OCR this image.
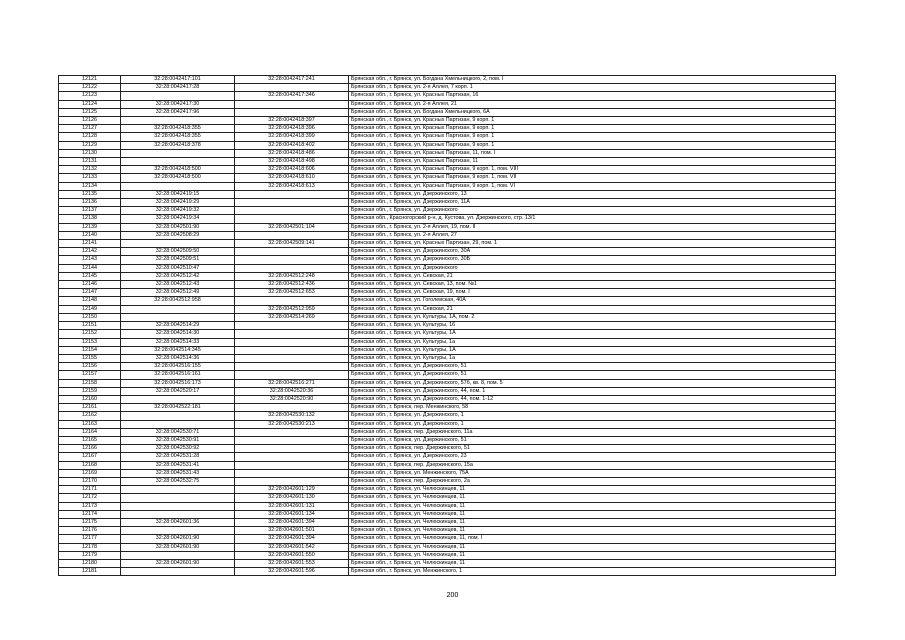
12121	32:28:0042417:101	32:28:0042417:241	Брянская обл., г. Брянск, ул. Богдана Хмельницкого, 2, пом. I
12122	32:28:0042417:28		Брянская обл., г. Брянск, ул. 2-я Аллея, 7 корп. 1
12123		32:28:0042417:346	Брянская обл., г. Брянск, ул. Красных Партизан, 16
12124	32:28:0042417:30		Брянская обл., г. Брянск, ул. 2-я Аллея, 21
12125	32:28:0042417:96		Брянская обл., г. Брянск, ул. Богдана Хмельницкого, 6А
12126		32:28:0042418:397	Брянская обл., г. Брянск, ул. Красных Партизан, 9 корп. 1
12127	32:28:0042418:355	32:28:0042418:396	Брянская обл., г. Брянск, ул. Красных Партизан, 9 корп. 1
12128	32:28:0042418:355	32:28:0042418:399	Брянская обл., г. Брянск, ул. Красных Партизан, 9 корп. 1
12129	32:28:0042418:378	32:28:0042418:402	Брянская обл., г. Брянск, ул. Красных Партизан, 9 корп. 1
12130		32:28:0042418:486	Брянская обл., г. Брянск, ул. Красных Партизан, 11, пом. I
12131		32:28:0042418:498	Брянская обл., г. Брянск, ул. Красных Партизан, 11
12132	32:28:0042418:500	32:28:0042418:606	Брянская обл., г. Брянск, ул. Красных Партизан, 9 корп. 1, пом. VIII
12133	32:28:0042418:500	32:28:0042418:610	Брянская обл., г. Брянск, ул. Красных Партизан, 9 корп. 1, пом. VII
12134		32:28:0042418:613	Брянская обл., г. Брянск, ул. Красных Партизан, 9 корп. 1, пом. VI
12135	32:28:0042419:15		Брянская обл., г. Брянск, ул. Дзержинского, 13
12136	32:28:0042419:29		Брянская обл., г. Брянск, ул. Дзержинского, 11А
12137	32:28:0042419:32		Брянская обл., г. Брянск, ул. Дзержинского
12138	32:28:0042419:34		Брянская обл., Красногорский р-н, д. Кустова, ул. Дзержинского, стр. 13/1
12139	32:28:0042501:90	32:28:0042501:104	Брянская обл., г. Брянск, ул. 2-я Аллея, 19, пом. II
12140	32:28:0042508:29		Брянская обл., г. Брянск, ул. 2-я Аллея, 27
12141		32:28:0042509:141	Брянская обл., г. Брянск, ул. Красных Партизан, 29, пом. 1
12142	32:28:0042509:50		Брянская обл., г. Брянск, ул. Дзержинского, 30А
12143	32:28:0042509:51		Брянская обл., г. Брянск, ул. Дзержинского, 30Б
12144	32:28:0042510:47		Брянская обл., г. Брянск, ул. Дзержинского
12145	32:28:0042512:42	32:28:0042512:248	Брянская обл., г. Брянск, ул. Севская, 21
12146	32:28:0042512:43	32:28:0042512:436	Брянская обл., г. Брянск, ул. Севская, 13, пом. №1
12147	32:28:0042512:49	32:28:0042512:653	Брянская обл., г. Брянск, ул. Севская, 19, пом. I
12148	32:28:0042512:958		Брянская обл., г. Брянск, ул. Гоголевская, 40А
12149		32:28:0042512:959	Брянская обл., г. Брянск, ул. Севская, 21
12150		32:28:0042514:269	Брянская обл., г. Брянск, ул. Культуры, 1А, пом. 2
12151	32:28:0042514:29		Брянская обл., г. Брянск, ул. Культуры, 16
12152	32:28:0042514:30		Брянская обл., г. Брянск, ул. Культуры, 1А
12153	32:28:0042514:33		Брянская обл., г. Брянск, ул. Культуры, 1а
12154	32:28:0042514:345		Брянская обл., г. Брянск, ул. Культуры, 1А
12155	32:28:0042514:36		Брянская обл., г. Брянск, ул. Культуры, 1а
12156	32:28:0042516:155		Брянская обл., г. Брянск, ул. Дзержинского, 51
12157	32:28:0042516:161		Брянская обл., г. Брянск, ул. Дзержинского, 51
12158	32:28:0042516:173	32:28:0042516:271	Брянская обл., г. Брянск, ул. Дзержинского, 57б, кв. 8, пом. 5
12159	32:28:0042520:17	32:28:0042520:36	Брянская обл., г. Брянск, ул. Дзержинского, 44, пом. 1
12160		32:28:0042520:90	Брянская обл., г. Брянск, ул. Дзержинского, 44, пом. 1-12
12161	32:28:0042522:181		Брянская обл., г. Брянск, пер. Менжинского, 58
12162		32:28:0042530:132	Брянская обл., г. Брянск, ул. Дзержинского, 1
12163		32:28:0042530:213	Брянская обл., г. Брянск, ул. Дзержинского, 1
12164	32:28:0042530:71		Брянская обл., г. Брянск, пер. Дзержинского, 11а
12165	32:28:0042530:91		Брянская обл., г. Брянск, ул. Дзержинского, 51
12166	32:28:0042530:92		Брянская обл., г. Брянск, пер. Дзержинского, 51
12167	32:28:0042531:28		Брянская обл., г. Брянск, ул. Дзержинского, 23
12168	32:28:0042531:41		Брянская обл., г. Брянск, пер. Дзержинского, 15а
12169	32:28:0042531:43		Брянская обл., г. Брянск, ул. Менжинского, 75А
12170	32:28:0042532:75		Брянская обл., г. Брянск, пер. Дзержинского, 2а
12171		32:28:0042601:129	Брянская обл., г. Брянск, ул. Челюскинцев, 11
12172		32:28:0042601:130	Брянская обл., г. Брянск, ул. Челюскинцев, 11
12173		32:28:0042601:131	Брянская обл., г. Брянск, ул. Челюскинцев, 11
12174		32:28:0042601:134	Брянская обл., г. Брянск, ул. Челюскинцев, 11
12175	32:28:0042601:36	32:28:0042601:394	Брянская обл., г. Брянск, ул. Челюскинцев, 11
12176		32:28:0042601:501	Брянская обл., г. Брянск, ул. Челюскинцев, 11
12177	32:28:0042601:90	32:28:0042601:394	Брянская обл., г. Брянск, ул. Челюскинцев, 11, пом. I
12178	32:28:0042601:90	32:28:0042601:542	Брянская обл., г. Брянск, ул. Челюскинцев, 11
12179		32:28:0042601:550	Брянская обл., г. Брянск, ул. Челюскинцев, 11
12180	32:28:0042601:90	32:28:0042601:553	Брянская обл., г. Брянск, ул. Челюскинцев, 11
12181		32:28:0042601:596	Брянская обл., г. Брянск, ул. Менжинского, 1
200
